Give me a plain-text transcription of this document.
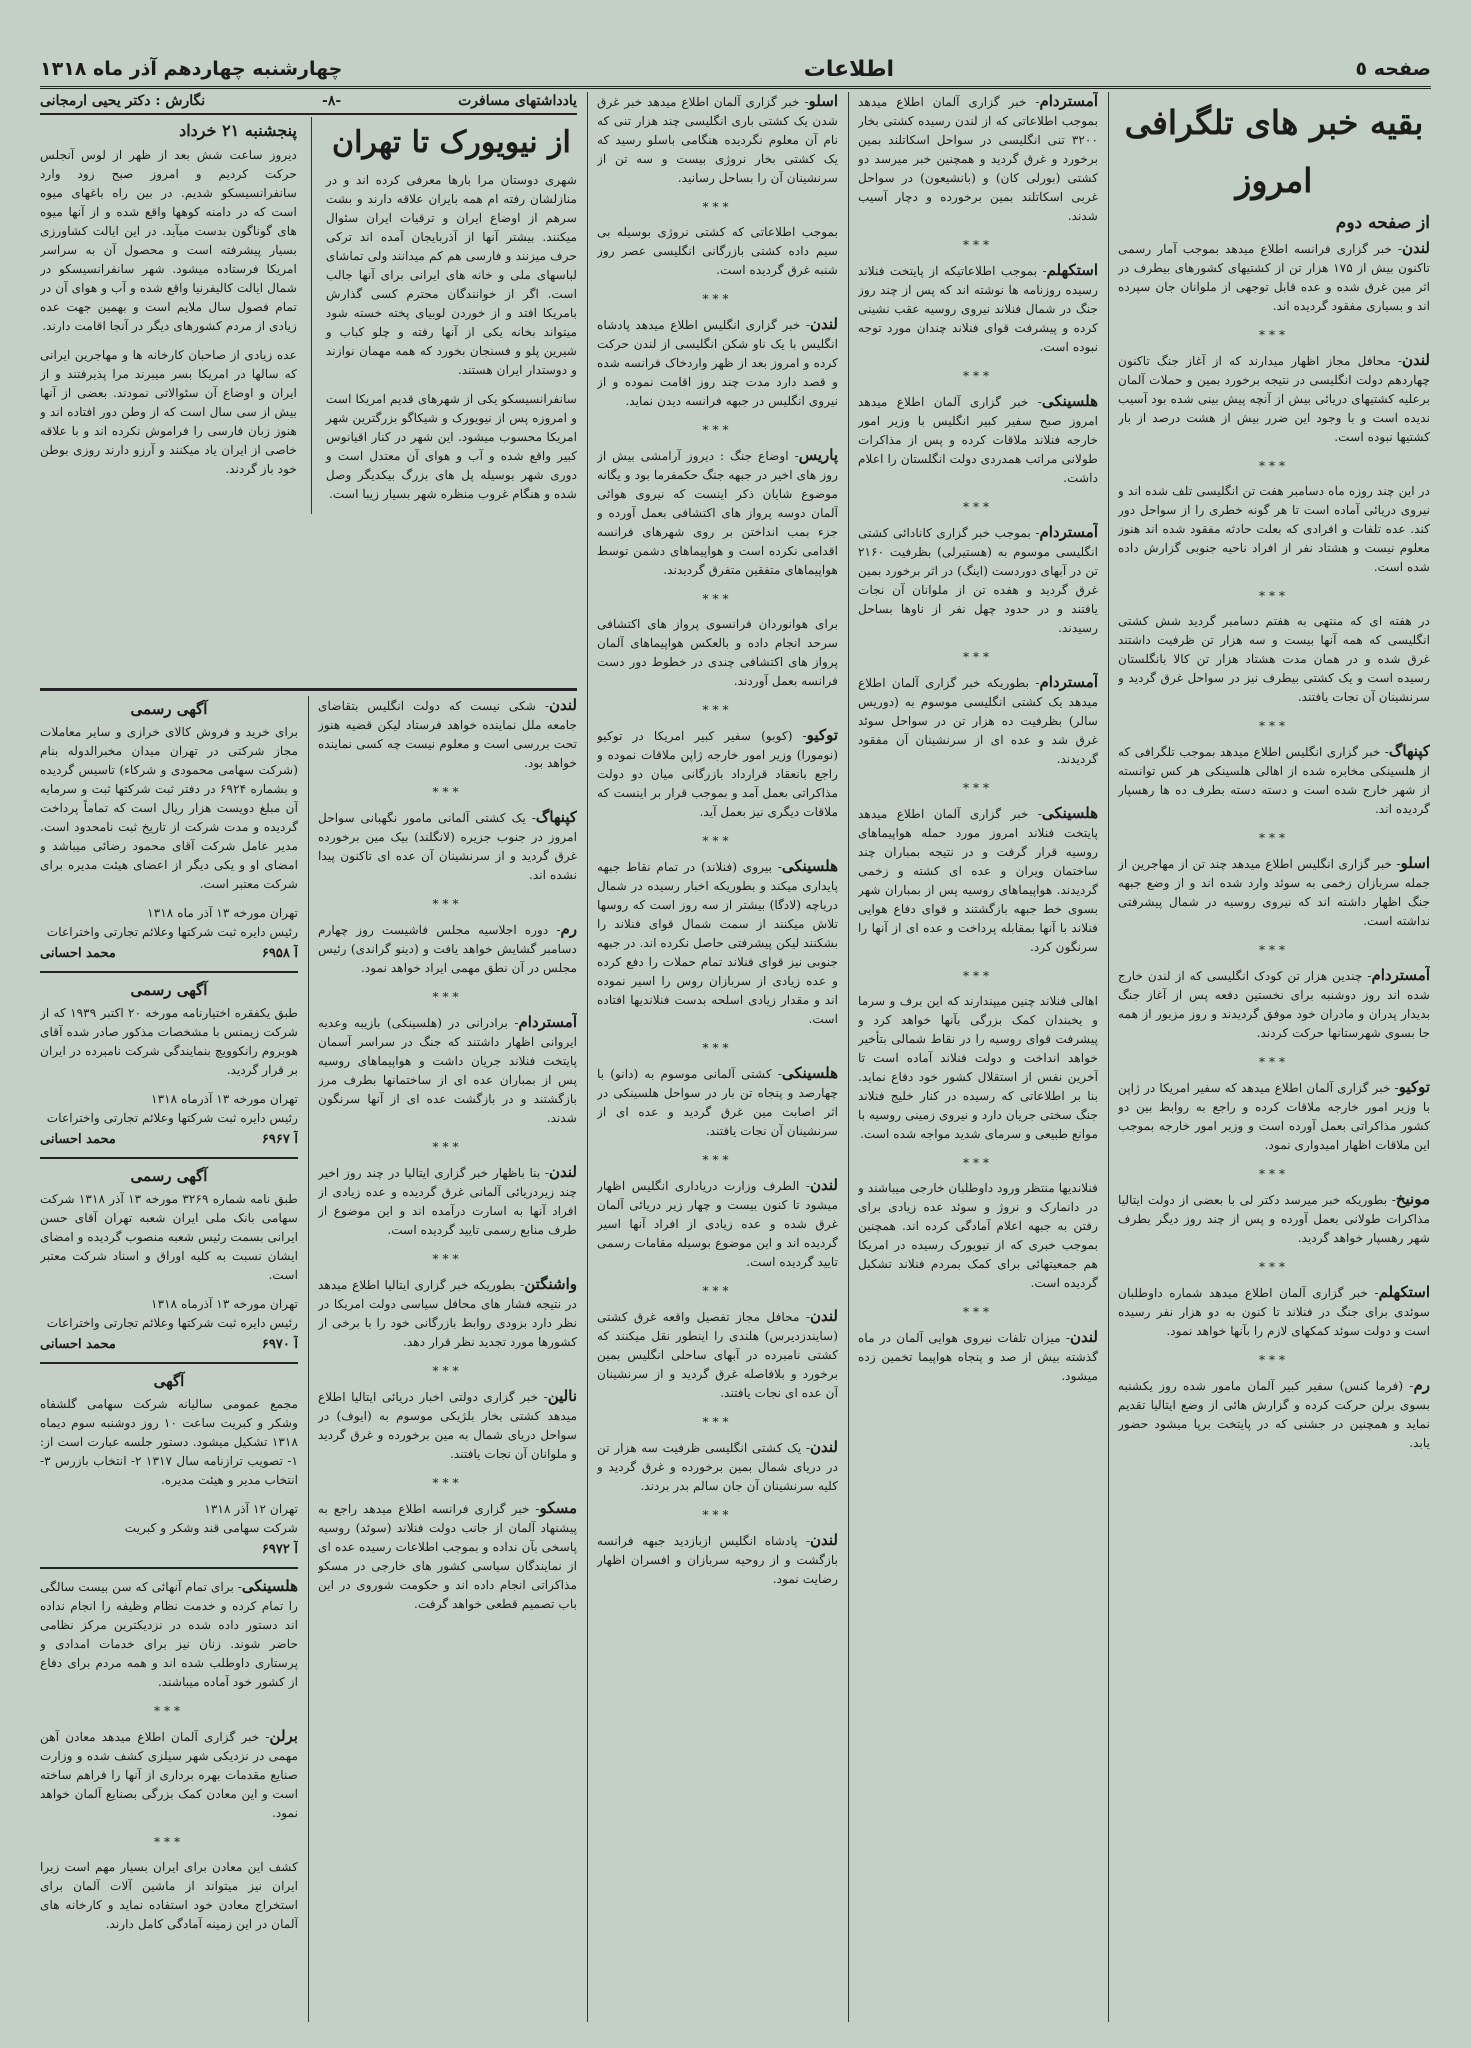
صفحه ٥
اطلاعات
چهارشنبه چهاردهم آذر ماه ۱۳۱۸
بقیه خبر های تلگرافی امروز
از صفحه دوم

لندن- خبر گزاری فرانسه اطلاع میدهد بموجب آمار رسمی تاکنون بیش از ۱۷۵ هزار تن از کشتیهای کشورهای بیطرف در اثر مین غرق شده و عده قابل توجهی از ملوانان جان سپرده اند و بسیاری مفقود گردیده اند.

***

لندن- محافل مجاز اظهار میدارند که از آغاز جنگ تاکنون چهاردهم دولت انگلیسی در نتیجه برخورد بمین و حملات آلمان برعلیه کشتیهای دریائی بیش از آنچه پیش بینی شده بود آسیب ندیده است و با وجود این ضرر بیش از هشت درصد از بار کشتیها نبوده است.

***

در این چند روزه ماه دسامبر هفت تن انگلیسی تلف شده اند و نیروی دریائی آماده است تا هر گونه خطری را از سواحل دور کند. عده تلفات و افرادی که بعلت حادثه مفقود شده اند هنوز معلوم نیست و هشتاد نفر از افراد ناحیه جنوبی گزارش داده شده است.

***

در هفته ای که منتهی به هفتم دسامبر گردید شش کشتی انگلیسی که همه آنها بیست و سه هزار تن ظرفیت داشتند غرق شده و در همان مدت هشتاد هزار تن کالا بانگلستان رسیده است و یک کشتی بیطرف نیز در سواحل غرق گردید و سرنشینان آن نجات یافتند.

***

کپنهاگ- خبر گزاری انگلیس اطلاع میدهد بموجب تلگرافی که از هلسینکی مخابره شده از اهالی هلسینکی هر کس توانسته از شهر خارج شده است و دسته دسته بطرف ده ها رهسپار گردیده اند.

***

اسلو- خبر گزاری انگلیس اطلاع میدهد چند تن از مهاجرین از جمله سربازان زخمی به سوئد وارد شده اند و از وضع جبهه جنگ اظهار داشته اند که نیروی روسیه در شمال پیشرفتی نداشته است.

***

آمستردام- چندین هزار تن کودک انگلیسی که از لندن خارج شده اند روز دوشنبه برای نخستین دفعه پس از آغاز جنگ بدیدار پدران و مادران خود موفق گردیدند و روز مزبور از همه جا بسوی شهرستانها حرکت کردند.

***

توکیو- خبر گزاری آلمان اطلاع میدهد که سفیر امریکا در ژاپن با وزیر امور خارجه ملاقات کرده و راجع به روابط بین دو کشور مذاکراتی بعمل آورده است و وزیر امور خارجه بموجب این ملاقات اظهار امیدواری نمود.

***

مونیخ- بطوریکه خبر میرسد دکتر لی با بعضی از دولت ایتالیا مذاکرات طولانی بعمل آورده و پس از چند روز دیگر بطرف شهر رهسپار خواهد گردید.

***

استکهلم- خبر گزاری آلمان اطلاع میدهد شماره داوطلبان سوئدی برای جنگ در فنلاند تا کنون به دو هزار نفر رسیده است و دولت سوئد کمکهای لازم را بآنها خواهد نمود.

***

رم- (فرما کنس) سفیر کبیر آلمان مامور شده روز یکشنبه بسوی برلن حرکت کرده و گزارش هائی از وضع ایتالیا تقدیم نماید و همچنین در جشنی که در پایتخت برپا میشود حضور یابد.

آمستردام- خبر گزاری آلمان اطلاع میدهد بموجب اطلاعاتی که از لندن رسیده کشتی بخار ۳۲۰۰ تنی انگلیسی در سواحل اسکاتلند بمین برخورد و غرق گردید و همچنین خبر میرسد دو کشتی (بورلی کان) و (بانشیعون) در سواحل غربی اسکاتلند بمین برخورده و دچار آسیب شدند.

***

استکهلم- بموجب اطلاعاتیکه از پایتخت فنلاند رسیده روزنامه ها نوشته اند که پس از چند روز جنگ در شمال فنلاند نیروی روسیه عقب نشینی کرده و پیشرفت قوای فنلاند چندان مورد توجه نبوده است.

***

هلسینکی- خبر گزاری آلمان اطلاع میدهد امروز صبح سفیر کبیر انگلیس با وزیر امور خارجه فنلاند ملاقات کرده و پس از مذاکرات طولانی مراتب همدردی دولت انگلستان را اعلام داشت.

***

آمستردام- بموجب خبر گزاری کانادائی کشتی انگلیسی موسوم به (هستیرلی) بظرفیت ۲۱۶۰ تن در آبهای دوردست (اینگ) در اثر برخورد بمین غرق گردید و هفده تن از ملوانان آن نجات یافتند و در حدود چهل نفر از ناوها بساحل رسیدند.

***

آمستردام- بطوریکه خبر گزاری آلمان اطلاع میدهد یک کشتی انگلیسی موسوم به (دوریس سالر) بظرفیت ده هزار تن در سواحل سوئد غرق شد و عده ای از سرنشینان آن مفقود گردیدند.

***

هلسینکی- خبر گزاری آلمان اطلاع میدهد پایتخت فنلاند امروز مورد حمله هواپیماهای روسیه قرار گرفت و در نتیجه بمباران چند ساختمان ویران و عده ای کشته و زخمی گردیدند. هواپیماهای روسیه پس از بمباران شهر بسوی خط جبهه بازگشتند و قوای دفاع هوایی فنلاند با آنها بمقابله پرداخت و عده ای از آنها را سرنگون کرد.

***

اهالی فنلاند چنین میپندارند که این برف و سرما و یخبندان کمک بزرگی بآنها خواهد کرد و پیشرفت قوای روسیه را در نقاط شمالی بتأخیر خواهد انداخت و دولت فنلاند آماده است تا آخرین نفس از استقلال کشور خود دفاع نماید. بنا بر اطلاعاتی که رسیده در کنار خلیج فنلاند جنگ سختی جریان دارد و نیروی زمینی روسیه با موانع طبیعی و سرمای شدید مواجه شده است.

***

فنلاندیها منتظر ورود داوطلبان خارجی میباشند و در دانمارک و نروژ و سوئد عده زیادی برای رفتن به جبهه اعلام آمادگی کرده اند. همچنین بموجب خبری که از نیویورک رسیده در امریکا هم جمعیتهائی برای کمک بمردم فنلاند تشکیل گردیده است.

***

لندن- میزان تلفات نیروی هوایی آلمان در ماه گذشته بیش از صد و پنجاه هواپیما تخمین زده میشود.

اسلو- خبر گزاری آلمان اطلاع میدهد خبر غرق شدن یک کشتی باری انگلیسی چند هزار تنی که نام آن معلوم نگردیده هنگامی باسلو رسید که یک کشتی بخار نروژی بیست و سه تن از سرنشینان آن را بساحل رسانید.

***

بموجب اطلاعاتی که کشتی نروژی بوسیله بی سیم داده کشتی بازرگانی انگلیسی عصر روز شنبه غرق گردیده است.

***

لندن- خبر گزاری انگلیس اطلاع میدهد پادشاه انگلیس با یک ناو شکن انگلیسی از لندن حرکت کرده و امروز بعد از ظهر واردخاک فرانسه شده و قصد دارد مدت چند روز اقامت نموده و از نیروی انگلیس در جبهه فرانسه دیدن نماید.

***

پاریس- اوضاع جنگ : دیروز آرامشی بیش از روز های اخیر در جبهه جنگ حکمفرما بود و یگانه موضوع شایان ذکر اینست که نیروی هوائی آلمان دوسه پرواز های اکتشافی بعمل آورده و جزء بمب انداختن بر روی شهرهای فرانسه اقدامی نکرده است و هواپیماهای دشمن توسط هواپیماهای متفقین متفرق گردیدند.

***

برای هوانوردان فرانسوی پرواز های اکتشافی سرحد انجام داده و بالعکس هواپیماهای آلمان پرواز های اکتشافی چندی در خطوط دور دست فرانسه بعمل آوردند.

***

توکیو- (کوبو) سفیر کبیر امریکا در توکیو (نومورا) وزیر امور خارجه ژاپن ملاقات نموده و راجع بانعقاد قرارداد بازرگانی میان دو دولت مذاکراتی بعمل آمد و بموجب قرار بر اینست که ملاقات دیگری نیز بعمل آید.

***

هلسینکی- بیروی (فنلاند) در تمام نقاط جبهه پایداری میکند و بطوریکه اخبار رسیده در شمال دریاچه (لادگا) بیشتر از سه روز است که روسها تلاش میکنند از سمت شمال قوای فنلاند را بشکنند لیکن پیشرفتی حاصل نکرده اند. در جبهه جنوبی نیز قوای فنلاند تمام حملات را دفع کرده و عده زیادی از سربازان روس را اسیر نموده اند و مقدار زیادی اسلحه بدست فنلاندیها افتاده است.

***

هلسینکی- کشتی آلمانی موسوم به (دانو) با چهارصد و پنجاه تن بار در سواحل هلسینکی در اثر اصابت مین غرق گردید و عده ای از سرنشینان آن نجات یافتند.

***

لندن- الطرف وزارت دریاداری انگلیس اظهار میشود تا کنون بیست و چهار زیر دریائی آلمان غرق شده و عده زیادی از افراد آنها اسیر گردیده اند و این موضوع بوسیله مقامات رسمی تایید گردیده است.

***

لندن- محافل مجاز تفصیل واقعه غرق کشتی (سایندزدیرس) هلندی را اینطور نقل میکنند که کشتی نامبرده در آبهای ساحلی انگلیس بمین برخورد و بلافاصله غرق گردید و از سرنشینان آن عده ای نجات یافتند.

***

لندن- یک کشتی انگلیسی ظرفیت سه هزار تن در دریای شمال بمین برخورده و غرق گردید و کلیه سرنشینان آن جان سالم بدر بردند.

***

لندن- پادشاه انگلیس ازبازدید جبهه فرانسه بازگشت و از روحیه سربازان و افسران اظهار رضایت نمود.

یادداشتهای مسافرت
-۸-
نگارش : دکتر یحیی ارمجانی
از نیویورک تا تهران

شهری دوستان مرا بارها معرفی کرده اند و در منازلشان رفته ام همه بایران علاقه دارند و بشت سرهم از اوضاع ایران و ترقیات ایران سئوال میکنند. بیشتر آنها از آذربایجان آمده اند ترکی حرف میزنند و فارسی هم کم میدانند ولی تماشای لباسهای ملی و خانه های ایرانی برای آنها جالب است. اگر از خوانندگان محترم کسی گذارش بامریکا افتد و از خوردن لوبیای پخته خسته شود میتواند بخانه یکی از آنها رفته و چلو کباب و شیرین پلو و فسنجان بخورد که همه مهمان نوازند و دوستدار ایران هستند.

سانفرانسیسکو یکی از شهرهای قدیم امریکا است و امروزه پس از نیویورک و شیکاگو بزرگترین شهر امریکا محسوب میشود. این شهر در کنار اقیانوس کبیر واقع شده و آب و هوای آن معتدل است و دوری شهر بوسیله پل های بزرگ بیکدیگر وصل شده و هنگام غروب منظره شهر بسیار زیبا است.

پنجشنبه ۲۱ خرداد

دیروز ساعت شش بعد از ظهر از لوس آنجلس حرکت کردیم و امروز صبح زود وارد سانفرانسیسکو شدیم. در بین راه باغهای میوه است که در دامنه کوهها واقع شده و از آنها میوه های گوناگون بدست میآید. در این ایالت کشاورزی بسیار پیشرفته است و محصول آن به سراسر امریکا فرستاده میشود. شهر سانفرانسیسکو در شمال ایالت کالیفرنیا واقع شده و آب و هوای آن در تمام فصول سال ملایم است و بهمین جهت عده زیادی از مردم کشورهای دیگر در آنجا اقامت دارند.

عده زیادی از صاحبان کارخانه ها و مهاجرین ایرانی که سالها در امریکا بسر میبرند مرا پذیرفتند و از ایران و اوضاع آن سئوالاتی نمودند. بعضی از آنها بیش از سی سال است که از وطن دور افتاده اند و هنوز زبان فارسی را فراموش نکرده اند و با علاقه خاصی از ایران یاد میکنند و آرزو دارند روزی بوطن خود باز گردند.

لندن- شکی نیست که دولت انگلیس بتقاضای جامعه ملل نماینده خواهد فرستاد لیکن قضیه هنوز تحت بررسی است و معلوم نیست چه کسی نماینده خواهد بود.

***

کپنهاگ- یک کشتی آلمانی مامور نگهبانی سواحل امروز در جنوب جزیره (لانگلند) بیک مین برخورده غرق گردید و از سرنشینان آن عده ای تاکنون پیدا نشده اند.

***

رم- دوره اجلاسیه مجلس فاشیست روز چهارم دسامبر گشایش خواهد یافت و (دینو گراندی) رئیس مجلس در آن نطق مهمی ایراد خواهد نمود.

***

آمستردام- برادرانی در (هلسینکی) بازیبه وعدیه ایروانی اظهار داشتند که جنگ در سراسر آسمان پایتخت فنلاند جریان داشت و هواپیماهای روسیه پس از بمباران عده ای از ساختمانها بطرف مرز بازگشتند و در بازگشت عده ای از آنها سرنگون شدند.

***

لندن- بنا باظهار خبر گزاری ایتالیا در چند روز اخیر چند زیردریائی آلمانی غرق گردیده و عده زیادی از افراد آنها به اسارت درآمده اند و این موضوع از طرف منابع رسمی تایید گردیده است.

***

واشنگتن- بطوریکه خبر گزاری ایتالیا اطلاع میدهد در نتیجه فشار های محافل سیاسی دولت امریکا در نظر دارد بزودی روابط بازرگانی خود را با برخی از کشورها مورد تجدید نظر قرار دهد.

***

نالین- خبر گزاری دولتی اخبار دریائی ایتالیا اطلاع میدهد کشتی بخار بلژیکی موسوم به (ایوف) در سواحل دریای شمال به مین برخورده و غرق گردید و ملوانان آن نجات یافتند.

***

مسکو- خبر گزاری فرانسه اطلاع میدهد راجع به پیشنهاد آلمان از جانب دولت فنلاند (سوئد) روسیه پاسخی بآن نداده و بموجب اطلاعات رسیده عده ای از نمایندگان سیاسی کشور های خارجی در مسکو مذاکراتی انجام داده اند و حکومت شوروی در این باب تصمیم قطعی خواهد گرفت.

آگهی رسمی

برای خرید و فروش کالای خرازی و سایر معاملات مجاز شرکتی در تهران میدان مخبرالدوله بنام (شرکت سهامی محمودی و شرکاء) تاسیس گردیده و بشماره ۶۹۲۴ در دفتر ثبت شرکتها ثبت و سرمایه آن مبلغ دویست هزار ریال است که تماماً پرداخت گردیده و مدت شرکت از تاریخ ثبت نامحدود است. مدیر عامل شرکت آقای محمود رضائی میباشد و امضای او و یکی دیگر از اعضای هیئت مدیره برای شرکت معتبر است.

تهران مورخه ۱۳ آذر ماه ۱۳۱۸
رئیس دایره ثبت شرکتها وعلائم تجارتی واختراعات
آ ۶۹۵۸
محمد احسانی
آگهی رسمی

طبق یکفقره اختیارنامه مورخه ۲۰ اکتبر ۱۹۳۹ که از شرکت زیمنس با مشخصات مذکور صادر شده آقای هوبروم رانکوویچ بنمایندگی شرکت نامبرده در ایران بر قرار گردید.

تهران مورخه ۱۳ آذرماه ۱۳۱۸
رئیس دایره ثبت شرکتها وعلائم تجارتی واختراعات
آ ۶۹۶۷
محمد احسانی
آگهی رسمی

طبق نامه شماره ۳۲۶۹ مورخه ۱۳ آذر ۱۳۱۸ شرکت سهامی بانک ملی ایران شعبه تهران آقای حسن ایرانی بسمت رئیس شعبه منصوب گردیده و امضای ایشان نسبت به کلیه اوراق و اسناد شرکت معتبر است.

تهران مورخه ۱۳ آذرماه ۱۳۱۸
رئیس دایره ثبت شرکتها وعلائم تجارتی واختراعات
آ ۶۹۷۰
محمد احسانی
آگهی

مجمع عمومی سالیانه شرکت سهامی گلشفاه وشکر و کبریت ساعت ۱۰ روز دوشنبه سوم دیماه ۱۳۱۸ تشکیل میشود. دستور جلسه عبارت است از: ۱- تصویب ترازنامه سال ۱۳۱۷ ۲- انتخاب بازرس ۳- انتخاب مدیر و هیئت مدیره.

تهران ۱۲ آذر ۱۳۱۸
شرکت سهامی قند وشکر و کبریت
آ ۶۹۷۲

هلسینکی- برای تمام آنهائی که سن بیست سالگی را تمام کرده و خدمت نظام وظیفه را انجام نداده اند دستور داده شده در نزدیکترین مرکز نظامی حاضر شوند. زنان نیز برای خدمات امدادی و پرستاری داوطلب شده اند و همه مردم برای دفاع از کشور خود آماده میباشند.

***

برلن- خبر گزاری آلمان اطلاع میدهد معادن آهن مهمی در نزدیکی شهر سیلزی کشف شده و وزارت صنایع مقدمات بهره برداری از آنها را فراهم ساخته است و این معادن کمک بزرگی بصنایع آلمان خواهد نمود.

***

کشف این معادن برای ایران بسیار مهم است زیرا ایران نیز میتواند از ماشین آلات آلمان برای استخراج معادن خود استفاده نماید و کارخانه های آلمان در این زمینه آمادگی کامل دارند.
